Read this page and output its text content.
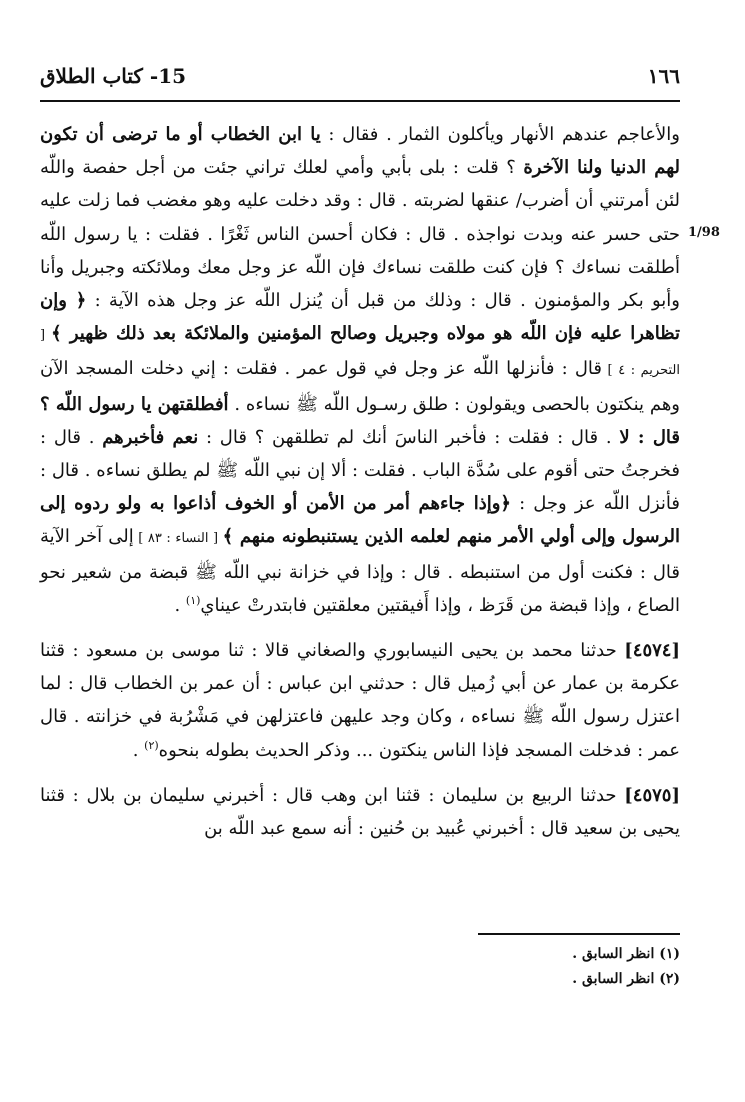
١٦٦
15- كتاب الطلاق
1/98

والأعاجم عندهم الأنهار ويأكلون الثمار . فقال : يا ابن الخطاب أو ما ترضى أن تكون لهم الدنيا ولنا الآخرة ؟ قلت : بلى بأبي وأمي لعلك تراني جئت من أجل حفصة واللّه لئن أمرتني أن أضرب/ عنقها لضربته . قال : وقد دخلت عليه وهو مغضب فما زلت عليه حتى حسر عنه وبدت نواجذه . قال : فكان أحسن الناس ثَغْرًا . فقلت : يا رسول اللّه أطلقت نساءك ؟ فإن كنت طلقت نساءك فإن اللّه عز وجل معك وملائكته وجبريل وأنا وأبو بكر والمؤمنون . قال : وذلك من قبل أن يُنزل اللّه عز وجل هذه الآية : ﴿ وإن تظاهرا عليه فإن اللّه هو مولاه وجبريل وصالح المؤمنين والملائكة بعد ذلك ظهير ﴾ [ التحريم : ٤ ] قال : فأنزلها اللّه عز وجل في قول عمر . فقلت : إني دخلت المسجد الآن وهم ينكتون بالحصى ويقولون : طلق رسـول اللّه ﷺ نساءه . أفطلقتهن يا رسول اللّه ؟ قال : لا . قال : فقلت : فأخبر الناسَ أنك لم تطلقهن ؟ قال : نعم فأخبرهم . قال : فخرجتُ حتى أقوم على سُدَّة الباب . فقلت : ألا إن نبي اللّه ﷺ لم يطلق نساءه . قال : فأنزل اللّه عز وجل : ﴿وإذا جاءهم أمر من الأمن أو الخوف أذاعوا به ولو ردوه إلى الرسول وإلى أولي الأمر منهم لعلمه الذين يستنبطونه منهم ﴾ [ النساء : ٨٣ ] إلى آخر الآية قال : فكنت أول من استنبطه . قال : وإذا في خزانة نبي اللّه ﷺ قبضة من شعير نحو الصاع ، وإذا قبضة من قَرَظ ، وإذا أَفيقتين معلقتين فابتدرتْ عيناي$^{(١)}$ .

[٤٥٧٤] حدثنا محمد بن يحيى النيسابوري والصغاني قالا : ثنا موسى بن مسعود : قثنا عكرمة بن عمار عن أبي زُميل قال : حدثني ابن عباس : أن عمر بن الخطاب قال : لما اعتزل رسول اللّه ﷺ نساءه ، وكان وجد عليهن فاعتزلهن في مَشْرُبة في خزانته . قال عمر : فدخلت المسجد فإذا الناس ينكتون ... وذكر الحديث بطوله بنحوه$^{(٢)}$ .

[٤٥٧٥] حدثنا الربيع بن سليمان : قثنا ابن وهب قال : أخبرني سليمان بن بلال : قثنا يحيى بن سعيد قال : أخبرني عُبيد بن حُنين : أنه سمع عبد اللّه بن

(١) انظر السابق .

(٢) انظر السابق .
